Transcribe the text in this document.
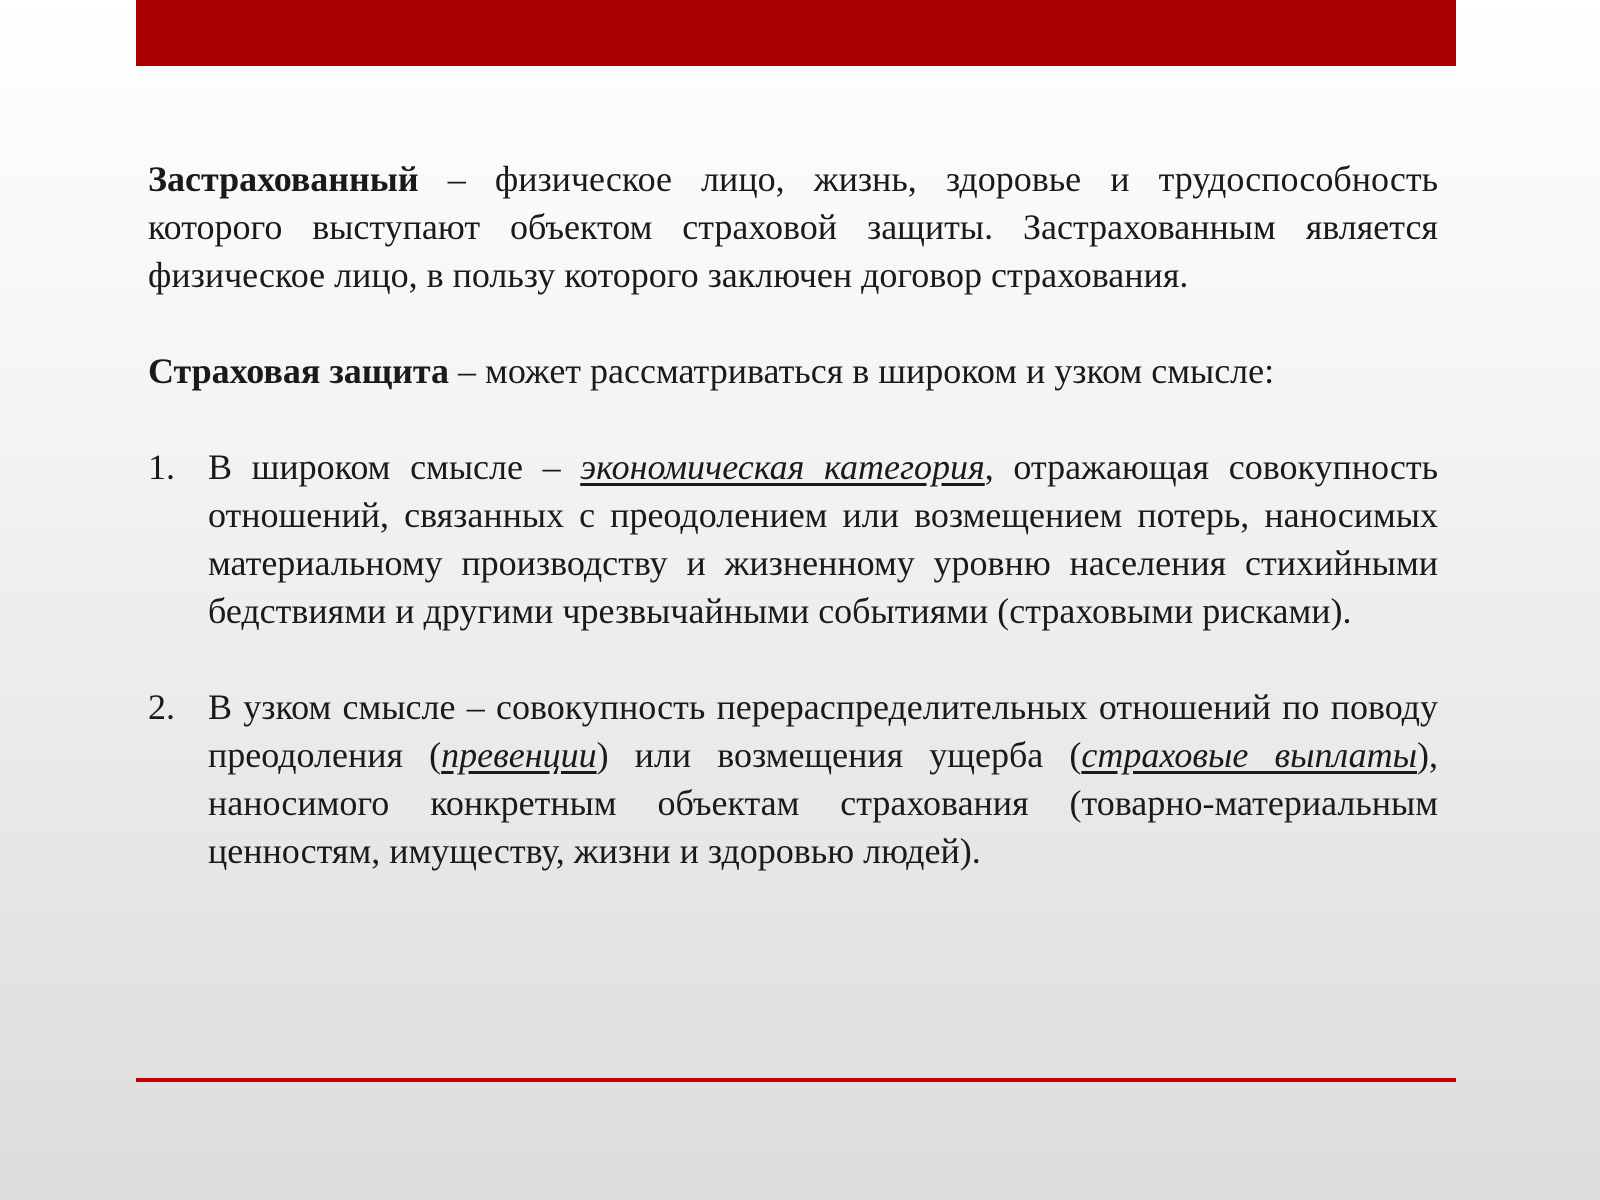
Застрахованный – физическое лицо, жизнь, здоровье и трудоспособность которого выступают объектом страховой защиты. Застрахованным является физическое лицо, в пользу которого заключен договор страхования.

Страховая защита – может рассматриваться в широком и узком смысле:

1. В широком смысле – экономическая категория, отражающая совокупность отношений, связанных с преодолением или возмещением потерь, наносимых материальному производству и жизненному уровню населения стихийными бедствиями и другими чрезвычайными событиями (страховыми рисками).
2. В узком смысле – совокупность перераспределительных отношений по поводу преодоления (превенции) или возмещения ущерба (страховые выплаты), наносимого конкретным объектам страхования (товарно-материальным ценностям, имуществу, жизни и здоровью людей).
